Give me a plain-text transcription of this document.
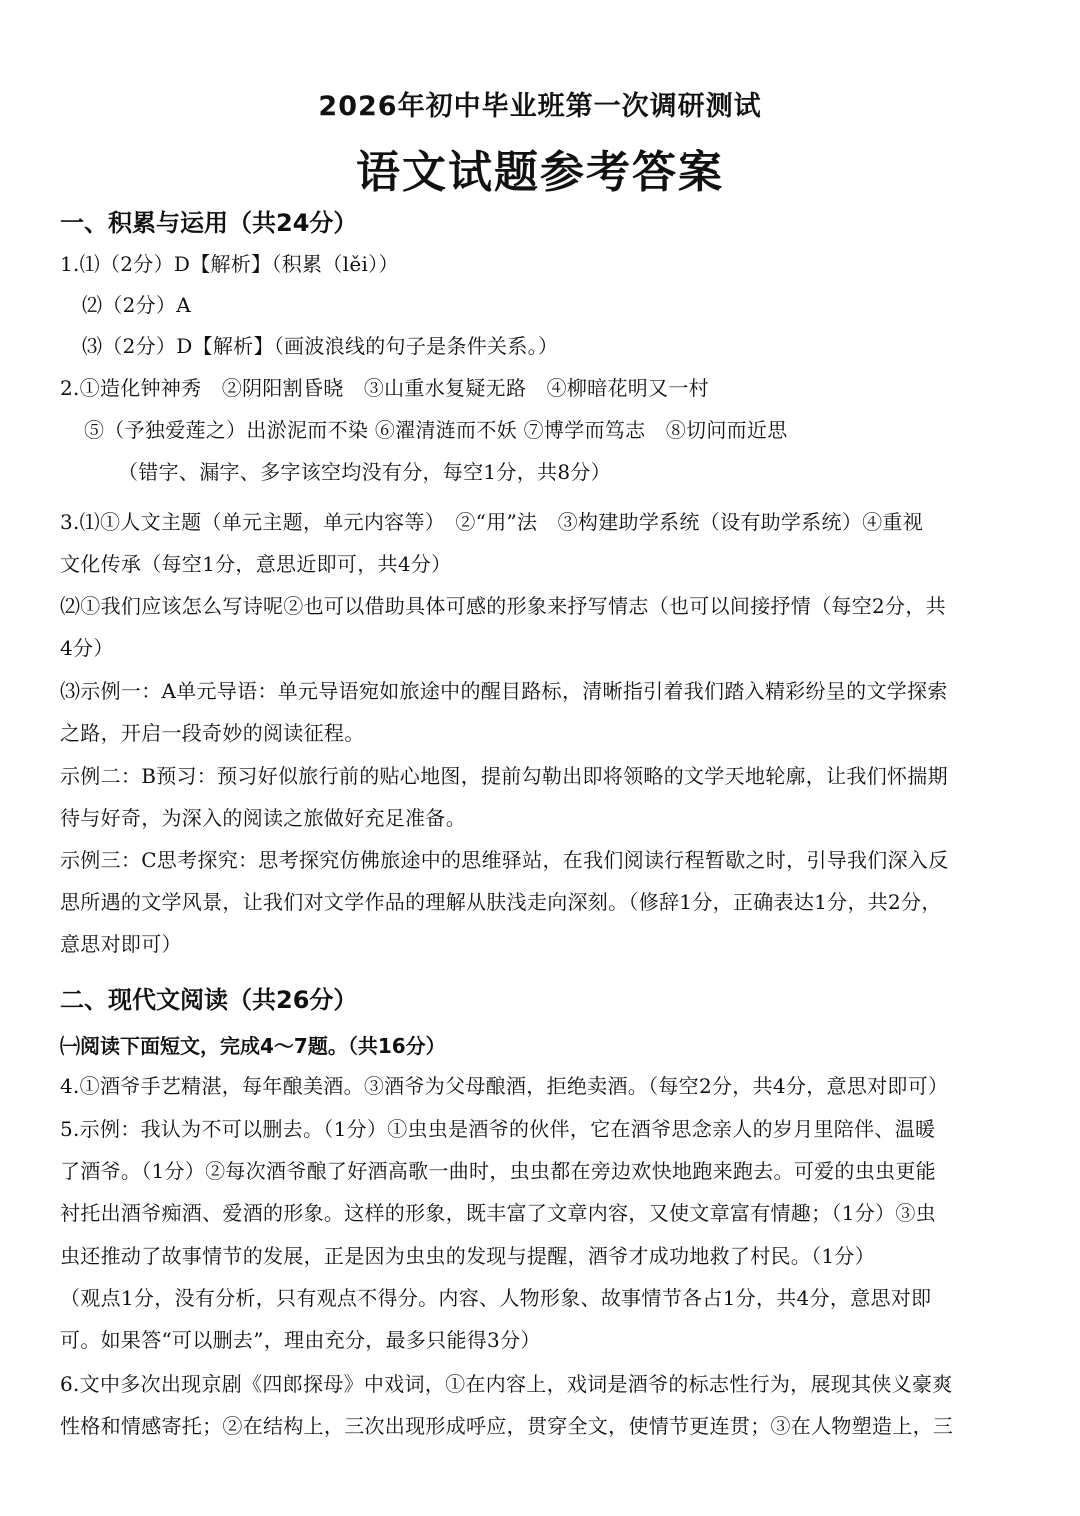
2026年初中毕业班第一次调研测试
语文试题参考答案
一、积累与运用（共24分）
1.⑴（2分）D【解析】（积累（lěi））
⑵（2分）A
⑶（2分）D【解析】（画波浪线的句子是条件关系。）
2.①造化钟神秀　②阴阳割昏晓　③山重水复疑无路　④柳暗花明又一村
⑤（予独爱莲之）出淤泥而不染 ⑥濯清涟而不妖 ⑦博学而笃志　⑧切问而近思
（错字、漏字、多字该空均没有分，每空1分，共8分）
3.⑴①人文主题（单元主题，单元内容等）　②“用”法　③构建助学系统（设有助学系统）④重视
文化传承（每空1分，意思近即可，共4分）
⑵①我们应该怎么写诗呢②也可以借助具体可感的形象来抒写情志（也可以间接抒情（每空2分，共
4分）
⑶示例一：A单元导语：单元导语宛如旅途中的醒目路标，清晰指引着我们踏入精彩纷呈的文学探索
之路，开启一段奇妙的阅读征程。
示例二：B预习：预习好似旅行前的贴心地图，提前勾勒出即将领略的文学天地轮廓，让我们怀揣期
待与好奇，为深入的阅读之旅做好充足准备。
示例三：C思考探究：思考探究仿佛旅途中的思维驿站，在我们阅读行程暂歇之时，引导我们深入反
思所遇的文学风景，让我们对文学作品的理解从肤浅走向深刻。（修辞1分，正确表达1分，共2分，
意思对即可）
二、现代文阅读（共26分）
㈠阅读下面短文，完成4～7题。（共16分）
4.①酒爷手艺精湛，每年酿美酒。③酒爷为父母酿酒，拒绝卖酒。（每空2分，共4分，意思对即可）
5.示例：我认为不可以删去。（1分）①虫虫是酒爷的伙伴，它在酒爷思念亲人的岁月里陪伴、温暖
了酒爷。（1分）②每次酒爷酿了好酒高歌一曲时，虫虫都在旁边欢快地跑来跑去。可爱的虫虫更能
衬托出酒爷痴酒、爱酒的形象。这样的形象，既丰富了文章内容，又使文章富有情趣；（1分）③虫
虫还推动了故事情节的发展，正是因为虫虫的发现与提醒，酒爷才成功地救了村民。（1分）
（观点1分，没有分析，只有观点不得分。内容、人物形象、故事情节各占1分，共4分，意思对即
可。如果答“可以删去”，理由充分，最多只能得3分）
6.文中多次出现京剧《四郎探母》中戏词，①在内容上，戏词是酒爷的标志性行为，展现其侠义豪爽
性格和情感寄托；②在结构上，三次出现形成呼应，贯穿全文，使情节更连贯；③在人物塑造上，三
